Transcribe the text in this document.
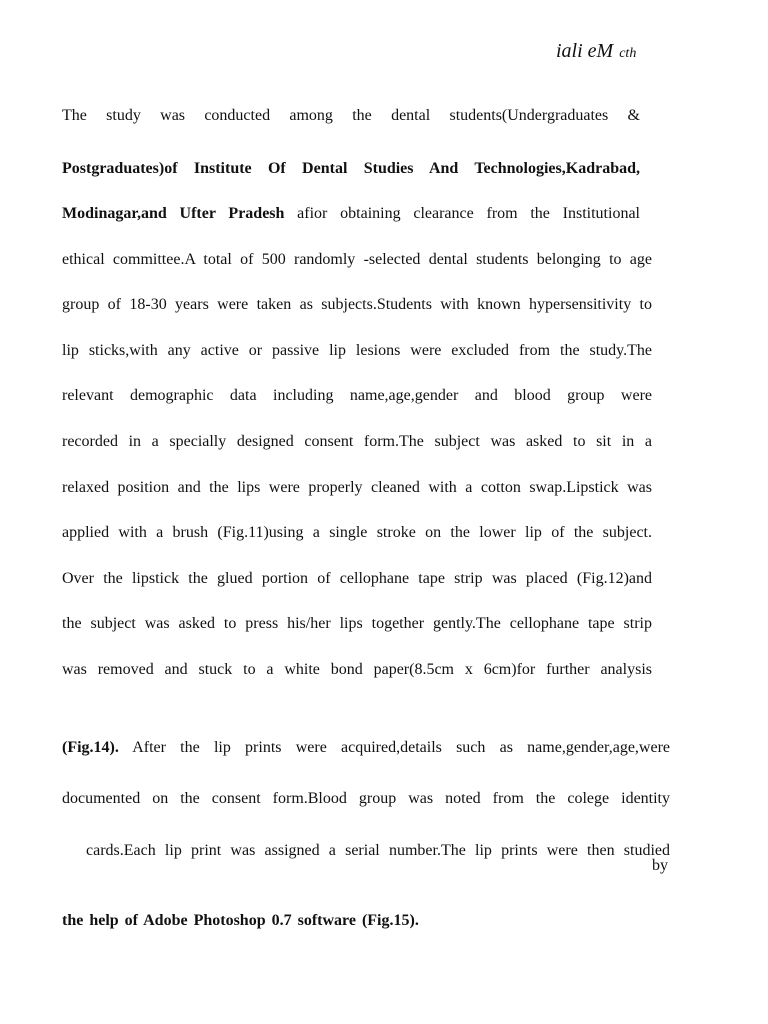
iali eM cth
The study was conducted among the dental students(Undergraduates &
Postgraduates)of Institute Of Dental Studies And Technologies,Kadrabad,
Modinagar,and Ufter Pradesh afior obtaining clearance from the Institutional
ethical committee.A total of 500 randomly -selected dental students belonging to age
group of 18-30 years were taken as subjects.Students with known hypersensitivity to
lip sticks,with any active or passive lip lesions were excluded from the study.The
relevant demographic data including name,age,gender and blood group were
recorded in a specially designed consent form.The subject was asked to sit in a
relaxed position and the lips were properly cleaned with a cotton swap.Lipstick was
applied with a brush (Fig.11)using a single stroke on the lower lip of the subject.
Over the lipstick the glued portion of cellophane tape strip was placed (Fig.12)and
the subject was asked to press his/her lips together gently.The cellophane tape strip
was removed and stuck to a white bond paper(8.5cm x 6cm)for further analysis
(Fig.14). After the lip prints were acquired,details such as name,gender,age,were
documented on the consent form.Blood group was noted from the colege identity
cards.Each lip print was assigned a serial number.The lip prints were then studied
by
the help of Adobe Photoshop 0.7 software (Fig.15).
